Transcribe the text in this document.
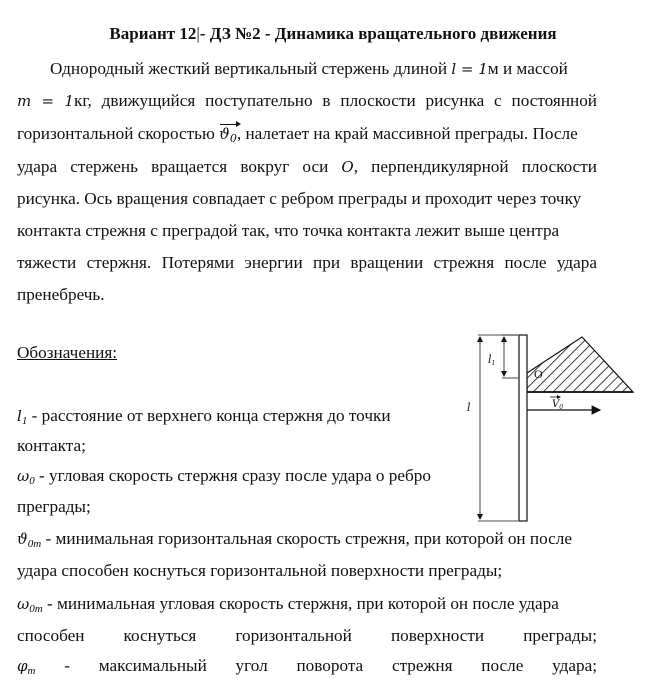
Вариант 12|- ДЗ №2 - Динамика вращательного движения
Однородный жесткий вертикальный стержень длиной l = 1м и массой
m = 1кг, движущийся поступательно в плоскости рисунка с постоянной
горизонтальной скоростью $ϑ_0$, налетает на край массивной преграды. После
удара стержень вращается вокруг оси O, перпендикулярной плоскости
рисунка. Ось вращения совпадает с ребром преграды и проходит через точку
контакта стрежня с преградой так, что точка контакта лежит выше центра
тяжести стержня. Потерями энергии при вращении стрежня после удара
пренебречь.
Обозначения:
$l_1$ - расстояние от верхнего конца стержня до точки
контакта;
$\omega_0$ - угловая скорость стержня сразу после удара о ребро
преграды;
$ϑ_{0m}$ - минимальная горизонтальная скорость стрежня, при которой он после
удара способен коснуться горизонтальной поверхности преграды;
$\omega_{0m}$ - минимальная угловая скорость стержня, при которой он после удара
способен коснуться горизонтальной поверхности преграды;
$\varphi_m$ - максимальный угол поворота стрежня после удара;
l1
l
O
$V_0$
